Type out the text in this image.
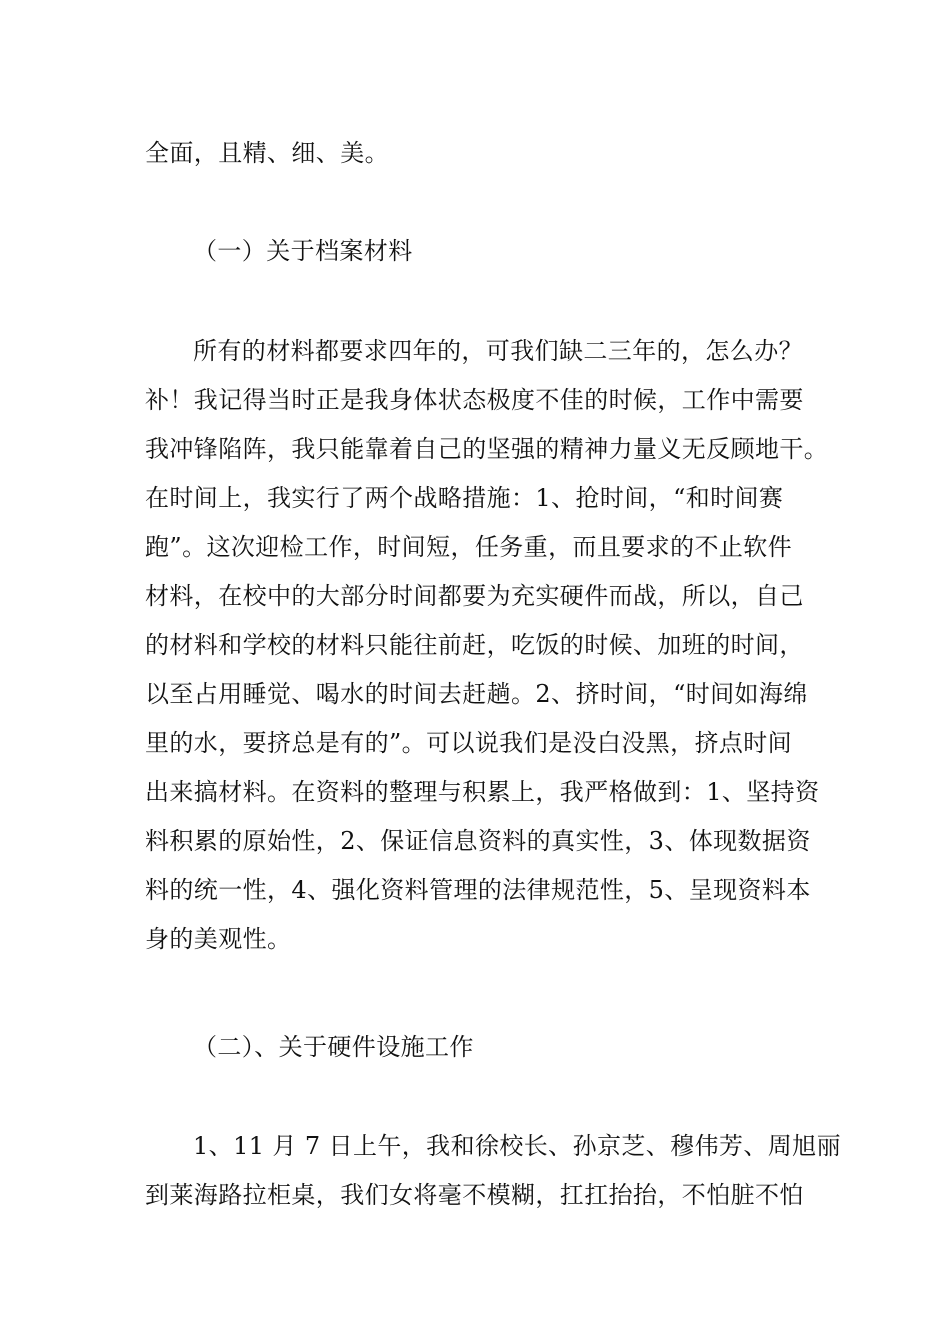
全面，且精、细、美。
（一）关于档案材料
所有的材料都要求四年的，可我们缺二三年的，怎么办？
补！我记得当时正是我身体状态极度不佳的时候，工作中需要
我冲锋陷阵，我只能靠着自己的坚强的精神力量义无反顾地干。
在时间上，我实行了两个战略措施：1、抢时间，“和时间赛
跑”。这次迎检工作，时间短，任务重，而且要求的不止软件
材料，在校中的大部分时间都要为充实硬件而战，所以，自己
的材料和学校的材料只能往前赶，吃饭的时候、加班的时间，
以至占用睡觉、喝水的时间去赶趟。2、挤时间，“时间如海绵
里的水，要挤总是有的”。可以说我们是没白没黑，挤点时间
出来搞材料。在资料的整理与积累上，我严格做到：1、坚持资
料积累的原始性，2、保证信息资料的真实性，3、体现数据资
料的统一性，4、强化资料管理的法律规范性，5、呈现资料本
身的美观性。
（二）、关于硬件设施工作
1、11 月 7 日上午，我和徐校长、孙京芝、穆伟芳、周旭丽
到莱海路拉柜桌，我们女将毫不模糊，扛扛抬抬，不怕脏不怕
